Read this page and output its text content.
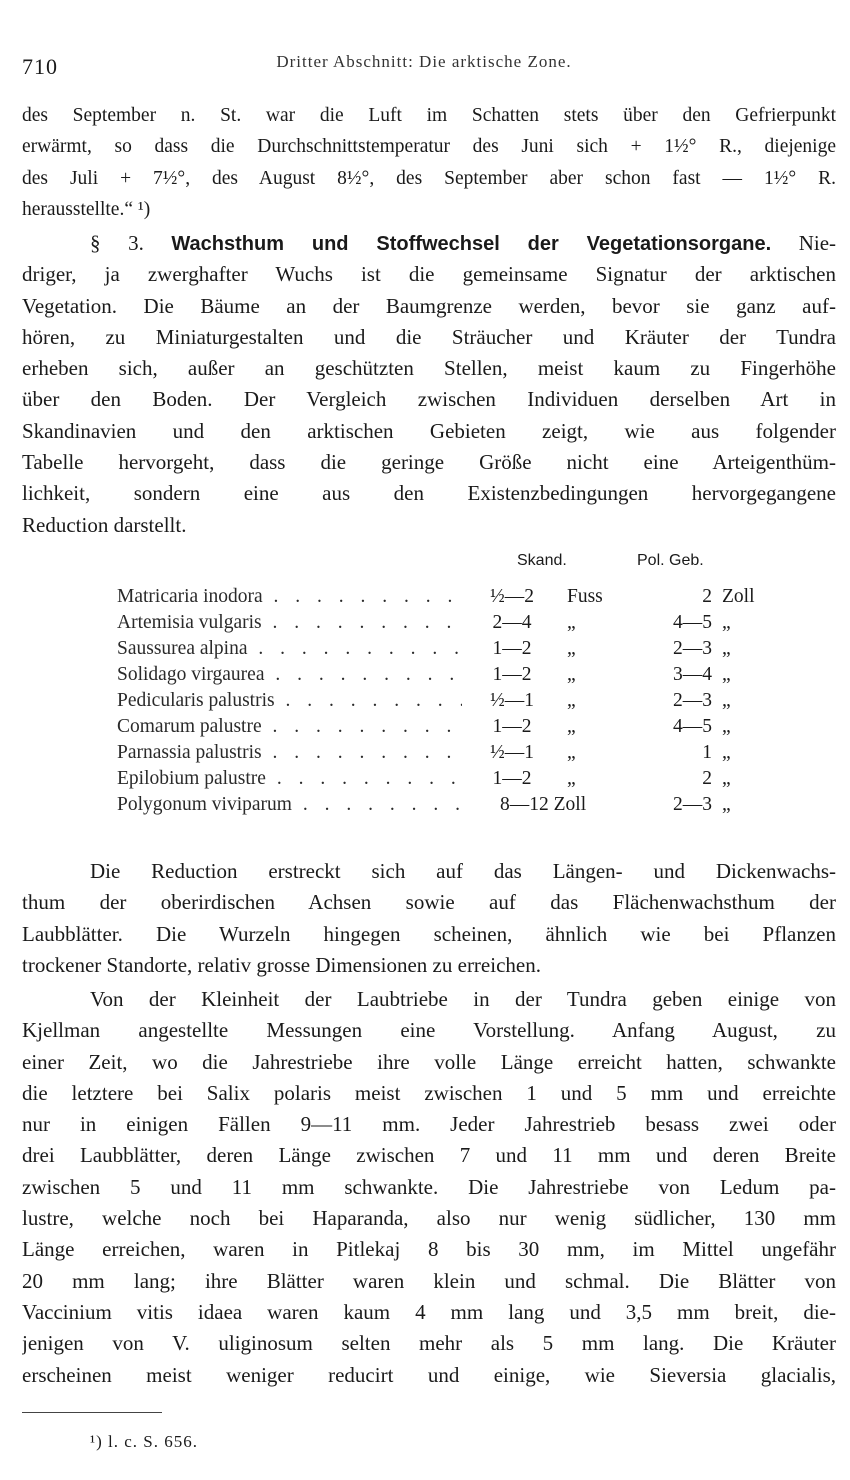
710	Dritter Abschnitt: Die arktische Zone.
des September n. St. war die Luft im Schatten stets über den Gefrierpunkt
erwärmt, so dass die Durchschnittstemperatur des Juni sich + 1½° R., diejenige
des Juli + 7½°, des August 8½°, des September aber schon fast — 1½° R.
herausstellte.“ ¹)
§ 3. Wachsthum und Stoffwechsel der Vegetationsorgane. Nie-
driger, ja zwerghafter Wuchs ist die gemeinsame Signatur der arktischen
Vegetation. Die Bäume an der Baumgrenze werden, bevor sie ganz auf-
hören, zu Miniaturgestalten und die Sträucher und Kräuter der Tundra
erheben sich, außer an geschützten Stellen, meist kaum zu Fingerhöhe
über den Boden. Der Vergleich zwischen Individuen derselben Art in
Skandinavien und den arktischen Gebieten zeigt, wie aus folgender
Tabelle hervorgeht, dass die geringe Größe nicht eine Arteigenthüm-
lichkeit, sondern eine aus den Existenzbedingungen hervorgegangene
Reduction darstellt.
Skand.	Pol. Geb.
Matricaria inodora . . .	½—2	Fuss	2 Zoll
Artemisia vulgaris . . .	2—4	„	4—5 „
Saussurea alpina . . .	1—2	„	2—3 „
Solidago virgaurea . . .	1—2	„	3—4 „
Pedicularis palustris . . .	½—1	„	2—3 „
Comarum palustre . . .	1—2	„	4—5 „
Parnassia palustris . . .	½—1	„	1 „
Epilobium palustre . . .	1—2	„	2 „
Polygonum viviparum . . .	8—12 Zoll	2—3 „
Die Reduction erstreckt sich auf das Längen- und Dickenwachs-
thum der oberirdischen Achsen sowie auf das Flächenwachsthum der
Laubblätter. Die Wurzeln hingegen scheinen, ähnlich wie bei Pflanzen
trockener Standorte, relativ grosse Dimensionen zu erreichen.
Von der Kleinheit der Laubtriebe in der Tundra geben einige von
Kjellman angestellte Messungen eine Vorstellung. Anfang August, zu
einer Zeit, wo die Jahrestriebe ihre volle Länge erreicht hatten, schwankte
die letztere bei Salix polaris meist zwischen 1 und 5 mm und erreichte
nur in einigen Fällen 9—11 mm. Jeder Jahrestrieb besass zwei oder
drei Laubblätter, deren Länge zwischen 7 und 11 mm und deren Breite
zwischen 5 und 11 mm schwankte. Die Jahrestriebe von Ledum pa-
lustre, welche noch bei Haparanda, also nur wenig südlicher, 130 mm
Länge erreichen, waren in Pitlekaj 8 bis 30 mm, im Mittel ungefähr
20 mm lang; ihre Blätter waren klein und schmal. Die Blätter von
Vaccinium vitis idaea waren kaum 4 mm lang und 3,5 mm breit, die-
jenigen von V. uliginosum selten mehr als 5 mm lang. Die Kräuter
erscheinen meist weniger reducirt und einige, wie Sieversia glacialis,
¹) l. c. S. 656.
